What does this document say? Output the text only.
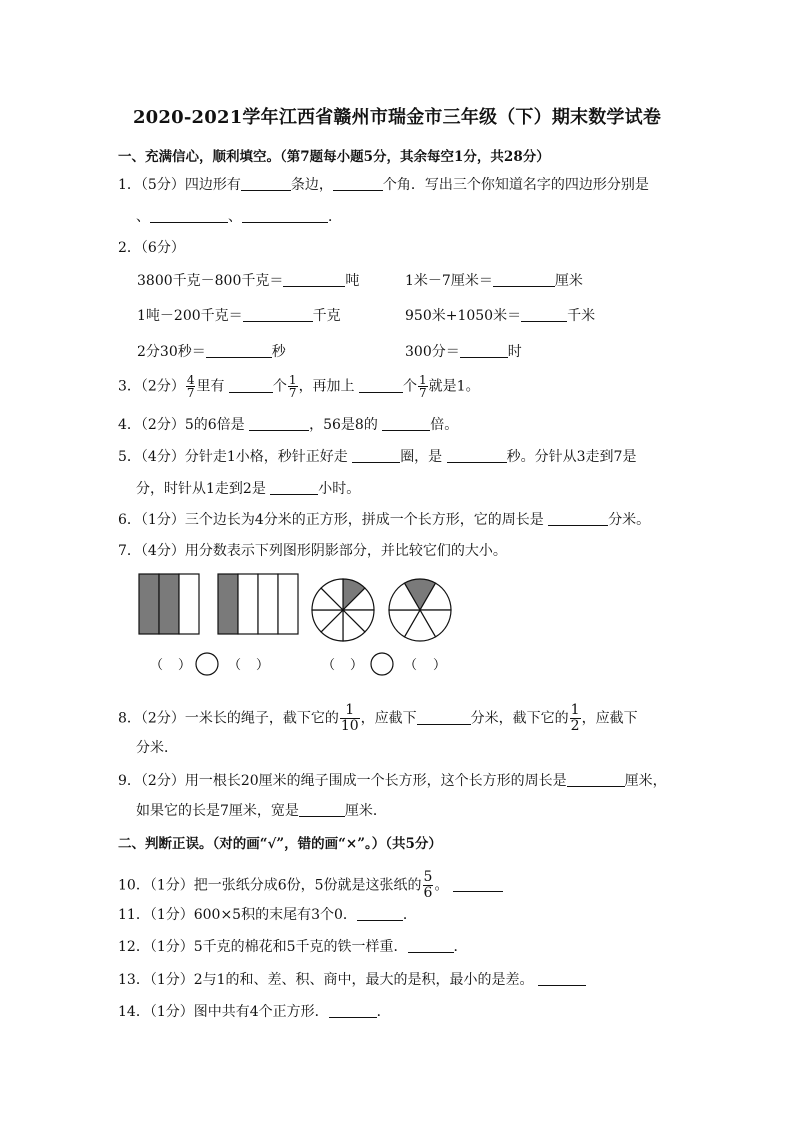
2020-2021学年江西省赣州市瑞金市三年级（下）期末数学试卷
一、充满信心，顺利填空。（第7题每小题5分，其余每空1分，共28分）
1．（5分）四边形有	条边，	个角．写出三个你知道名字的四边形分别是
、	、	．
2．（6分）
3800千克－800千克＝	吨	1米－7厘米＝	厘米
1吨－200千克＝	千克	950米+1050米＝	千米
2分30秒＝	秒	300分＝	时
3．（2分） $\frac{4}{7}$ 里有	个 $\frac{1}{7}$ ，再加上	个 $\frac{1}{7}$ 就是1。
4．（2分）5的6倍是	，56是8的	倍。
5．（4分）分针走1小格，秒针正好走	圈，是	秒。分针从3走到7是
分，时针从1走到2是	小时。
6．（1分）三个边长为4分米的正方形，拼成一个长方形，它的周长是	分米。
7．（4分）用分数表示下列图形阴影部分，并比较它们的大小。
（ ）	（ ）	（ ）	（ ）
8．（2分）一米长的绳子，截下它的 $\frac{1}{10}$ ，应截下	分米，截下它的 $\frac{1}{2}$ ，应截下
分米．
9．（2分）用一根长20厘米的绳子围成一个长方形，这个长方形的周长是	厘米，
如果它的长是7厘米，宽是	厘米．
二、判断正误。（对的画“√”，错的画“×”。）（共5分）
10．（1分）把一张纸分成6份，5份就是这张纸的 $\frac{5}{6}$ 。
11．（1分）600×5积的末尾有3个0．	．
12．（1分）5千克的棉花和5千克的铁一样重．	．
13．（1分）2与1的和、差、积、商中，最大的是积，最小的是差。
14．（1分）图中共有4个正方形．	．
